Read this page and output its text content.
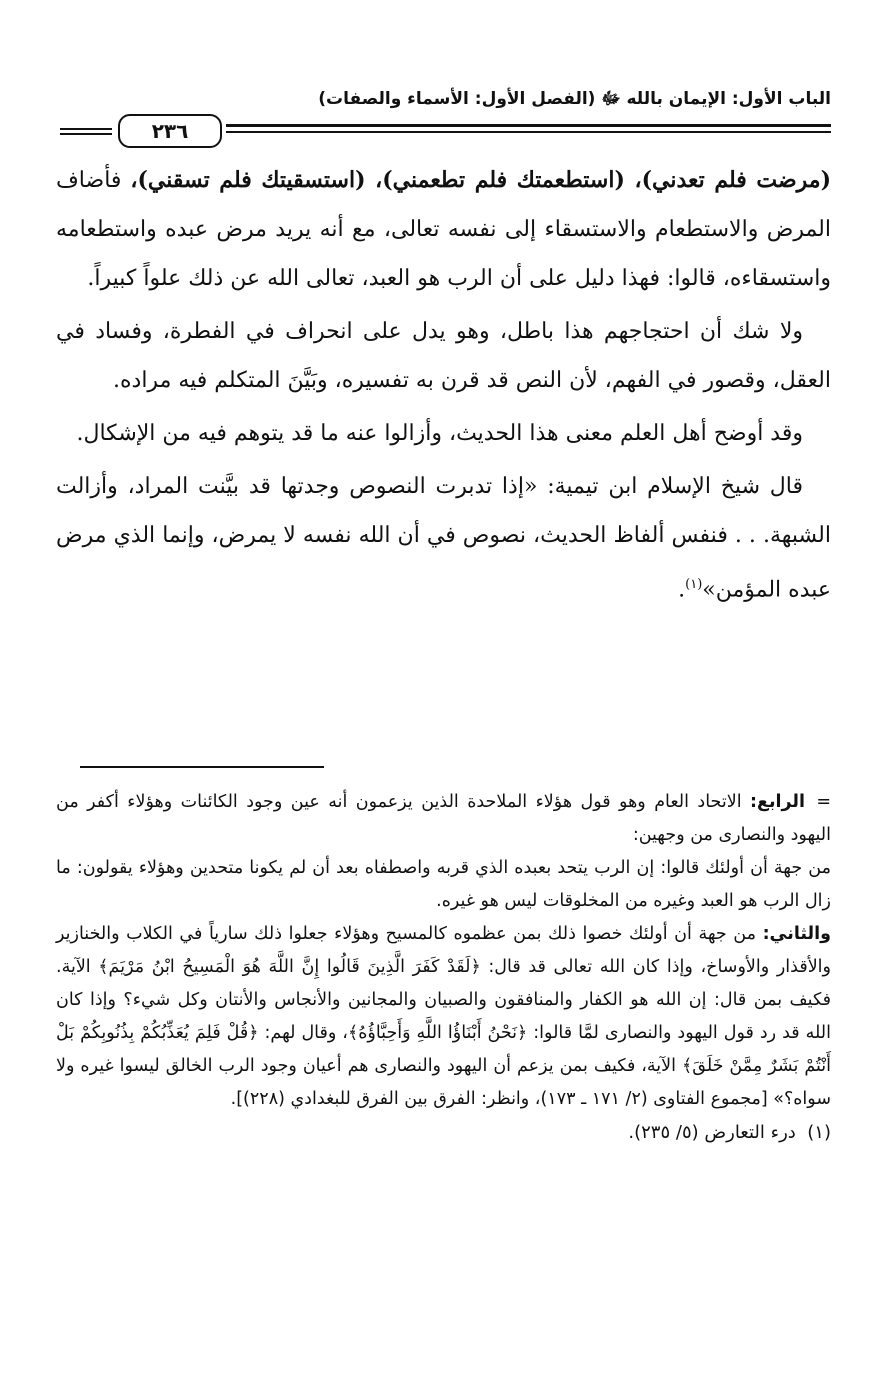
الباب الأول: الإيمان بالله ﷻ (الفصل الأول: الأسماء والصفات)
٢٣٦

(مرضت فلم تعدني)، (استطعمتك فلم تطعمني)، (استسقيتك فلم تسقني)، فأضاف المرض والاستطعام والاستسقاء إلى نفسه تعالى، مع أنه يريد مرض عبده واستطعامه واستسقاءه، قالوا: فهذا دليل على أن الرب هو العبد، تعالى الله عن ذلك علواً كبيراً.

ولا شك أن احتجاجهم هذا باطل، وهو يدل على انحراف في الفطرة، وفساد في العقل، وقصور في الفهم، لأن النص قد قرن به تفسيره، وبَيَّنَ المتكلم فيه مراده.

وقد أوضح أهل العلم معنى هذا الحديث، وأزالوا عنه ما قد يتوهم فيه من الإشكال.

قال شيخ الإسلام ابن تيمية: «إذا تدبرت النصوص وجدتها قد بيَّنت المراد، وأزالت الشبهة. . . فنفس ألفاظ الحديث، نصوص في أن الله نفسه لا يمرض، وإنما الذي مرض عبده المؤمن»$^{(١)}$.

=الرابع: الاتحاد العام وهو قول هؤلاء الملاحدة الذين يزعمون أنه عين وجود الكائنات وهؤلاء أكفر من اليهود والنصارى من وجهين:

من جهة أن أولئك قالوا: إن الرب يتحد بعبده الذي قربه واصطفاه بعد أن لم يكونا متحدين وهؤلاء يقولون: ما زال الرب هو العبد وغيره من المخلوقات ليس هو غيره.

والثاني: من جهة أن أولئك خصوا ذلك بمن عظموه كالمسيح وهؤلاء جعلوا ذلك سارياً في الكلاب والخنازير والأقذار والأوساخ، وإذا كان الله تعالى قد قال: ﴿لَقَدْ كَفَرَ الَّذِينَ قَالُوا إِنَّ اللَّهَ هُوَ الْمَسِيحُ ابْنُ مَرْيَمَ﴾ الآية. فكيف بمن قال: إن الله هو الكفار والمنافقون والصبيان والمجانين والأنجاس والأنتان وكل شيء؟ وإذا كان الله قد رد قول اليهود والنصارى لمَّا قالوا: ﴿نَحْنُ أَبْنَاؤُا اللَّهِ وَأَحِبَّاؤُهُ﴾، وقال لهم: ﴿قُلْ فَلِمَ يُعَذِّبُكُمْ بِذُنُوبِكُمْ بَلْ أَنْتُمْ بَشَرٌ مِمَّنْ خَلَقَ﴾ الآية، فكيف بمن يزعم أن اليهود والنصارى هم أعيان وجود الرب الخالق ليسوا غيره ولا سواه؟» [مجموع الفتاوى (٢/ ١٧١ ـ ١٧٣)، وانظر: الفرق بين الفرق للبغدادي (٢٢٨)].

(١)  درء التعارض (٥/ ٢٣٥).
